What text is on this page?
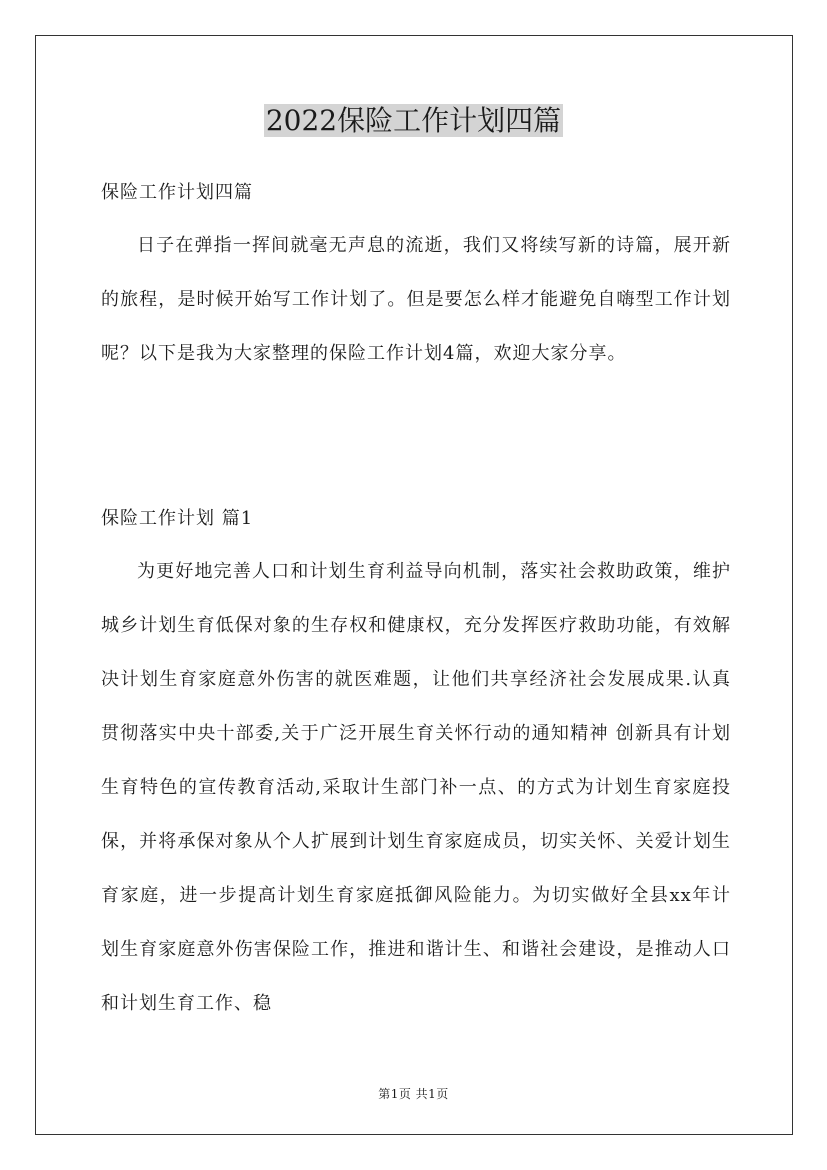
2022保险工作计划四篇

保险工作计划四篇

日子在弹指一挥间就毫无声息的流逝，我们又将续写新的诗篇，展开新的旅程，是时候开始写工作计划了。但是要怎么样才能避免自嗨型工作计划呢？以下是我为大家整理的保险工作计划4篇，欢迎大家分享。

保险工作计划 篇1

为更好地完善人口和计划生育利益导向机制，落实社会救助政策，维护城乡计划生育低保对象的生存权和健康权，充分发挥医疗救助功能，有效解决计划生育家庭意外伤害的就医难题，让他们共享经济社会发展成果.认真贯彻落实中央十部委,关于广泛开展生育关怀行动的通知精神 创新具有计划生育特色的宣传教育活动,采取计生部门补一点、的方式为计划生育家庭投保，并将承保对象从个人扩展到计划生育家庭成员，切实关怀、关爱计划生育家庭，进一步提高计划生育家庭抵御风险能力。为切实做好全县xx年计划生育家庭意外伤害保险工作，推进和谐计生、和谐社会建设，是推动人口和计划生育工作、稳

第1页 共1页
